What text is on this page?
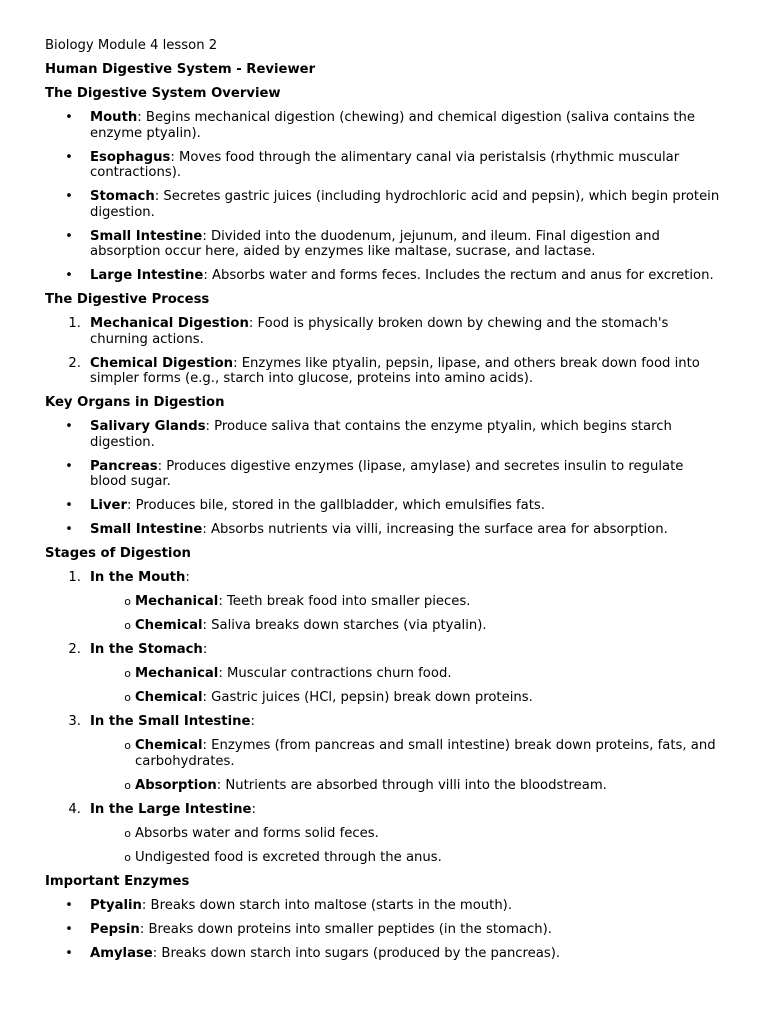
Biology Module 4 lesson 2
Human Digestive System - Reviewer
The Digestive System Overview
•	Mouth: Begins mechanical digestion (chewing) and chemical digestion (saliva contains the enzyme ptyalin).
•	Esophagus: Moves food through the alimentary canal via peristalsis (rhythmic muscular contractions).
•	Stomach: Secretes gastric juices (including hydrochloric acid and pepsin), which begin protein digestion.
•	Small Intestine: Divided into the duodenum, jejunum, and ileum. Final digestion and absorption occur here, aided by enzymes like maltase, sucrase, and lactase.
•	Large Intestine: Absorbs water and forms feces. Includes the rectum and anus for excretion.
The Digestive Process
1. Mechanical Digestion: Food is physically broken down by chewing and the stomach's churning actions.
2. Chemical Digestion: Enzymes like ptyalin, pepsin, lipase, and others break down food into simpler forms (e.g., starch into glucose, proteins into amino acids).
Key Organs in Digestion
•	Salivary Glands: Produce saliva that contains the enzyme ptyalin, which begins starch digestion.
•	Pancreas: Produces digestive enzymes (lipase, amylase) and secretes insulin to regulate blood sugar.
•	Liver: Produces bile, stored in the gallbladder, which emulsifies fats.
•	Small Intestine: Absorbs nutrients via villi, increasing the surface area for absorption.
Stages of Digestion
1. In the Mouth:
o Mechanical: Teeth break food into smaller pieces.
o Chemical: Saliva breaks down starches (via ptyalin).
2. In the Stomach:
o Mechanical: Muscular contractions churn food.
o Chemical: Gastric juices (HCl, pepsin) break down proteins.
3. In the Small Intestine:
o Chemical: Enzymes (from pancreas and small intestine) break down proteins, fats, and carbohydrates.
o Absorption: Nutrients are absorbed through villi into the bloodstream.
4. In the Large Intestine:
o Absorbs water and forms solid feces.
o Undigested food is excreted through the anus.
Important Enzymes
•	Ptyalin: Breaks down starch into maltose (starts in the mouth).
•	Pepsin: Breaks down proteins into smaller peptides (in the stomach).
•	Amylase: Breaks down starch into sugars (produced by the pancreas).
